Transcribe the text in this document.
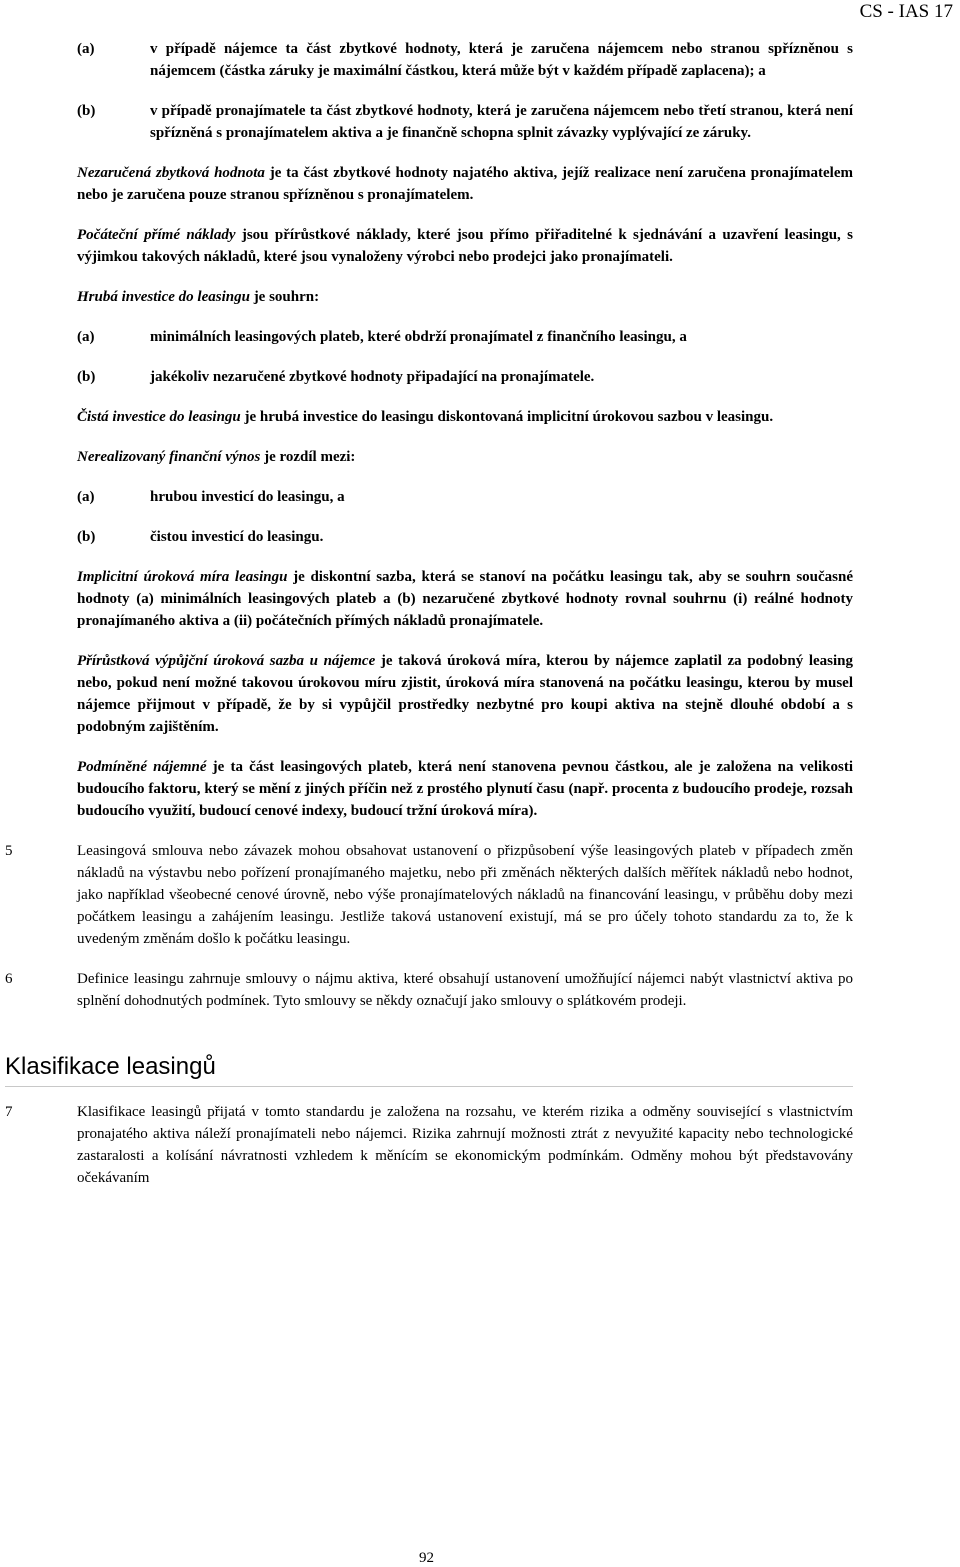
CS - IAS 17
(a)	v případě nájemce ta část zbytkové hodnoty, která je zaručena nájemcem nebo stranou spřízněnou s nájemcem (částka záruky je maximální částkou, která může být v každém případě zaplacena); a
(b)	v případě pronajímatele ta část zbytkové hodnoty, která je zaručena nájemcem nebo třetí stranou, která není spřízněná s pronajímatelem aktiva a je finančně schopna splnit závazky vyplývající ze záruky.

Nezaručená zbytková hodnota je ta část zbytkové hodnoty najatého aktiva, jejíž realizace není zaručena pronajímatelem nebo je zaručena pouze stranou spřízněnou s pronajímatelem.

Počáteční přímé náklady jsou přírůstkové náklady, které jsou přímo přiřaditelné k sjednávání a uzavření leasingu, s výjimkou takových nákladů, které jsou vynaloženy výrobci nebo prodejci jako pronajímateli.

Hrubá investice do leasingu je souhrn:

(a)	minimálních leasingových plateb, které obdrží pronajímatel z finančního leasingu, a
(b)	jakékoliv nezaručené zbytkové hodnoty připadající na pronajímatele.

Čistá investice do leasingu je hrubá investice do leasingu diskontovaná implicitní úrokovou sazbou v leasingu.

Nerealizovaný finanční výnos je rozdíl mezi:

(a)	hrubou investicí do leasingu, a
(b)	čistou investicí do leasingu.

Implicitní úroková míra leasingu je diskontní sazba, která se stanoví na počátku leasingu tak, aby se souhrn současné hodnoty (a) minimálních leasingových plateb a (b) nezaručené zbytkové hodnoty rovnal souhrnu (i) reálné hodnoty pronajímaného aktiva a (ii) počátečních přímých nákladů pronajímatele.

Přírůstková výpůjční úroková sazba u nájemce je taková úroková míra, kterou by nájemce zaplatil za podobný leasing nebo, pokud není možné takovou úrokovou míru zjistit, úroková míra stanovená na počátku leasingu, kterou by musel nájemce přijmout v případě, že by si vypůjčil prostředky nezbytné pro koupi aktiva na stejně dlouhé období a s podobným zajištěním.

Podmíněné nájemné je ta část leasingových plateb, která není stanovena pevnou částkou, ale je založena na velikosti budoucího faktoru, který se mění z jiných příčin než z prostého plynutí času (např. procenta z budoucího prodeje, rozsah budoucího využití, budoucí cenové indexy, budoucí tržní úroková míra).

5	Leasingová smlouva nebo závazek mohou obsahovat ustanovení o přizpůsobení výše leasingových plateb v případech změn nákladů na výstavbu nebo pořízení pronajímaného majetku, nebo při změnách některých dalších měřítek nákladů nebo hodnot, jako například všeobecné cenové úrovně, nebo výše pronajímatelových nákladů na financování leasingu, v průběhu doby mezi počátkem leasingu a zahájením leasingu. Jestliže taková ustanovení existují, má se pro účely tohoto standardu za to, že k uvedeným změnám došlo k počátku leasingu.
6	Definice leasingu zahrnuje smlouvy o nájmu aktiva, které obsahují ustanovení umožňující nájemci nabýt vlastnictví aktiva po splnění dohodnutých podmínek. Tyto smlouvy se někdy označují jako smlouvy o splátkovém prodeji.
Klasifikace leasingů
7	Klasifikace leasingů přijatá v tomto standardu je založena na rozsahu, ve kterém rizika a odměny související s vlastnictvím pronajatého aktiva náleží pronajímateli nebo nájemci. Rizika zahrnují možnosti ztrát z nevyužité kapacity nebo technologické zastaralosti a kolísání návratnosti vzhledem k měnícím se ekonomickým podmínkám. Odměny mohou být představovány očekávaním
92
